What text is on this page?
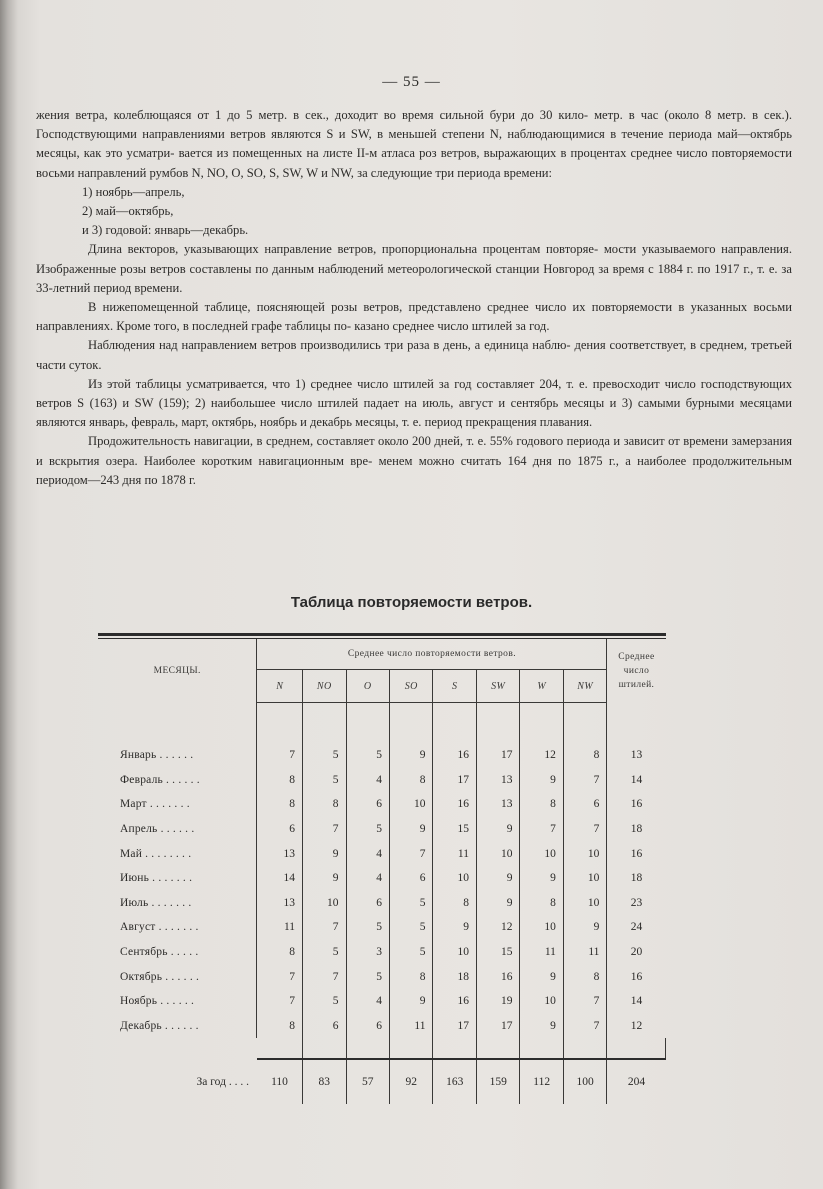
— 55 —

жения ветра, колеблющаяся от 1 до 5 метр. в сек., доходит во время сильной бури до 30 кило- метр. в час (около 8 метр. в сек.). Господствующими направлениями ветров являются S и SW, в меньшей степени N, наблюдающимися в течение периода май—октябрь месяцы, как это усматри- вается из помещенных на листе II-м атласа роз ветров, выражающих в процентах среднее число повторяемости восьми направлений румбов N, NO, O, SO, S, SW, W и NW, за следующие три периода времени:

1) ноябрь—апрель,

2) май—октябрь,

и 3) годовой: январь—декабрь.

Длина векторов, указывающих направление ветров, пропорциональна процентам повторяе- мости указываемого направления. Изображенные розы ветров составлены по данным наблюдений метеорологической станции Новгород за время с 1884 г. по 1917 г., т. е. за 33-летний период времени.

В нижепомещенной таблице, поясняющей розы ветров, представлено среднее число их повторяемости в указанных восьми направлениях. Кроме того, в последней графе таблицы по- казано среднее число штилей за год.

Наблюдения над направлением ветров производились три раза в день, а единица наблю- дения соответствует, в среднем, третьей части суток.

Из этой таблицы усматривается, что 1) среднее число штилей за год составляет 204, т. е. превосходит число господствующих ветров S (163) и SW (159); 2) наибольшее число штилей падает на июль, август и сентябрь месяцы и 3) самыми бурными месяцами являются январь, февраль, март, октябрь, ноябрь и декабрь месяцы, т. е. период прекращения плавания.

Продожительность навигации, в среднем, составляет около 200 дней, т. е. 55% годового периода и зависит от времени замерзания и вскрытия озера. Наиболее коротким навигационным вре- менем можно считать 164 дня по 1875 г., а наиболее продолжительным периодом—243 дня по 1878 г.

Таблица повторяемости ветров.
МЕСЯЦЫ.	Среднее число повторяемости ветров.								Среднее число штилей.
	N	NO	O	SO	S	SW	W	NW	

Январь . . . . . .	7	5	5	9	16	17	12	8	13
Февраль . . . . . .	8	5	4	8	17	13	9	7	14
Март . . . . . . .	8	8	6	10	16	13	8	6	16
Апрель . . . . . .	6	7	5	9	15	9	7	7	18
Май . . . . . . . .	13	9	4	7	11	10	10	10	16
Июнь . . . . . . .	14	9	4	6	10	9	9	10	18
Июль . . . . . . .	13	10	6	5	8	9	8	10	23
Август . . . . . . .	11	7	5	5	9	12	10	9	24
Сентябрь . . . . .	8	5	3	5	10	15	11	11	20
Октябрь . . . . . .	7	7	5	8	18	16	9	8	16
Ноябрь . . . . . .	7	5	4	9	16	19	10	7	14
Декабрь . . . . . .	8	6	6	11	17	17	9	7	12

За год . . . .	110	83	57	92	163	159	112	100	204
